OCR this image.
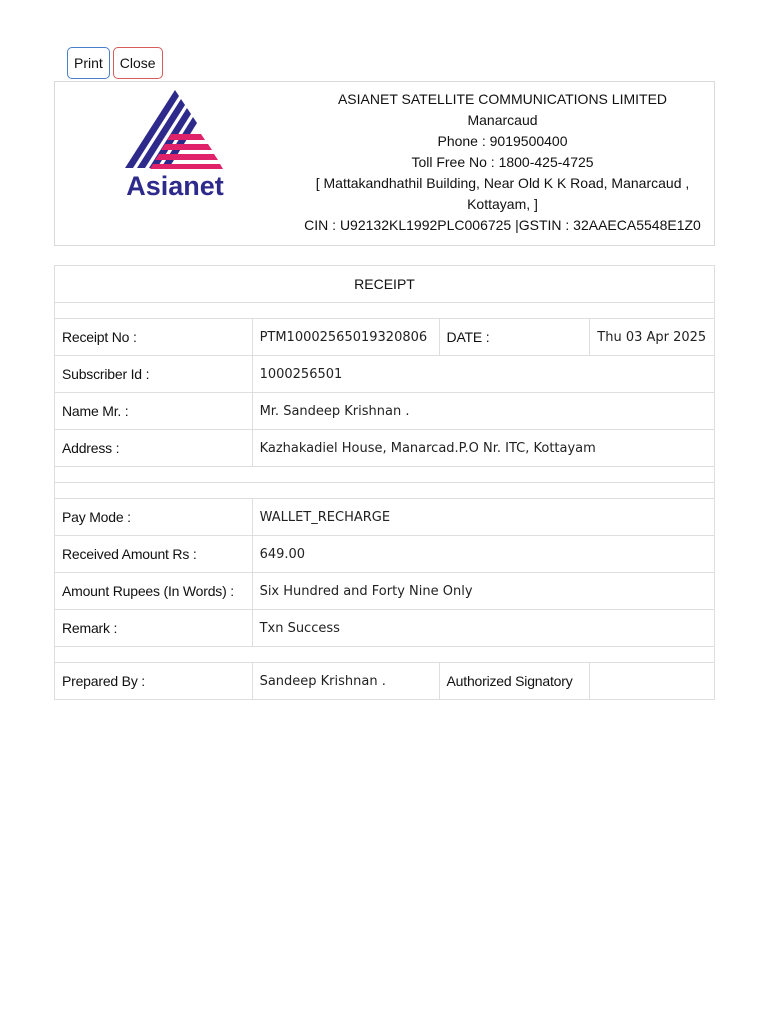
Print	Close
Asianet
ASIANET SATELLITE COMMUNICATIONS LIMITED
Manarcaud
Phone : 9019500400
Toll Free No : 1800-425-4725
[ Mattakandhathil Building, Near Old K K Road, Manarcaud , Kottayam, ]
CIN : U92132KL1992PLC006725 |GSTIN : 32AAECA5548E1Z0
RECEIPT			

Receipt No :	PTM10002565019320806	DATE :	Thu 03 Apr 2025
Subscriber Id :	1000256501		
Name Mr. :	Mr. Sandeep Krishnan .		
Address :	Kazhakadiel House, Manarcad.P.O Nr. ITC, Kottayam		

Pay Mode :	WALLET_RECHARGE		
Received Amount Rs :	649.00		
Amount Rupees (In Words) :	Six Hundred and Forty Nine Only		
Remark :	Txn Success		

Prepared By :	Sandeep Krishnan .	Authorized Signatory	
